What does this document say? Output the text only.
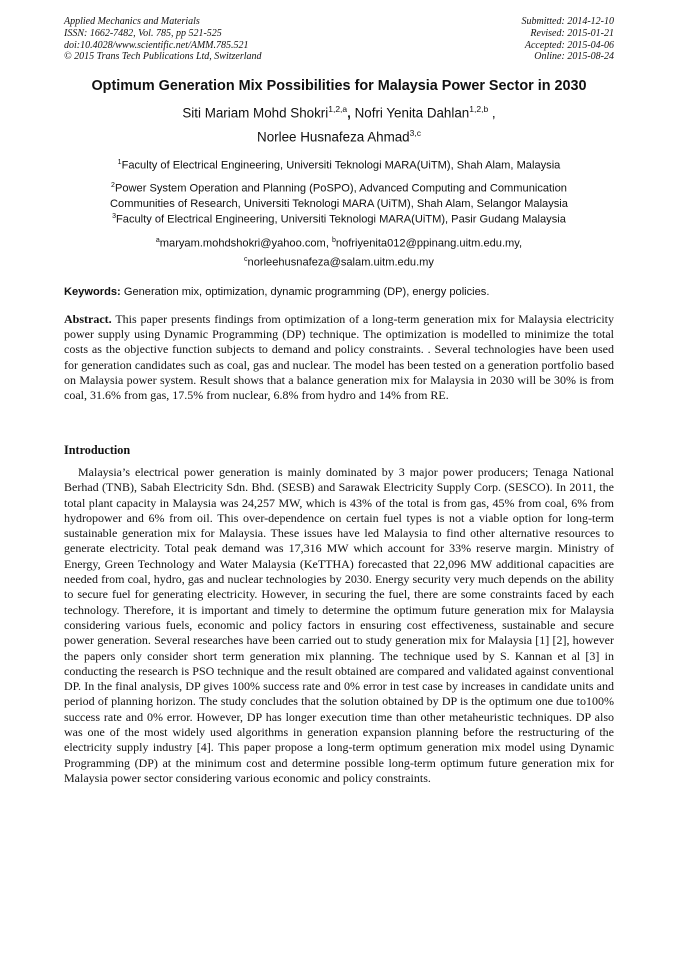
Applied Mechanics and Materials
ISSN: 1662-7482, Vol. 785, pp 521-525
doi:10.4028/www.scientific.net/AMM.785.521
© 2015 Trans Tech Publications Ltd, Switzerland
Submitted: 2014-12-10
Revised: 2015-01-21
Accepted: 2015-04-06
Online: 2015-08-24
Optimum Generation Mix Possibilities for Malaysia Power Sector in 2030
Siti Mariam Mohd Shokri$^{1,2,a}$, Nofri Yenita Dahlan$^{1,2,b}$ ,
Norlee Husnafeza Ahmad$^{3,c}$
$^1$Faculty of Electrical Engineering, Universiti Teknologi MARA(UiTM), Shah Alam, Malaysia
$^2$Power System Operation and Planning (PoSPO), Advanced Computing and Communication
Communities of Research, Universiti Teknologi MARA (UiTM), Shah Alam, Selangor Malaysia
$^3$Faculty of Electrical Engineering, Universiti Teknologi MARA(UiTM), Pasir Gudang Malaysia
$^a$maryam.mohdshokri@yahoo.com, $^b$nofriyenita012@ppinang.uitm.edu.my,
$^c$norleehusnafeza@salam.uitm.edu.my
Keywords: Generation mix, optimization, dynamic programming (DP), energy policies.
Abstract. This paper presents findings from optimization of a long-term generation mix for Malaysia electricity power supply using Dynamic Programming (DP) technique. The optimization is modelled to minimize the total costs as the objective function subjects to demand and policy constraints. . Several technologies have been used for generation candidates such as coal, gas and nuclear. The model has been tested on a generation portfolio based on Malaysia power system. Result shows that a balance generation mix for Malaysia in 2030 will be 30% is from coal, 31.6% from gas, 17.5% from nuclear, 6.8% from hydro and 14% from RE.
Introduction

Malaysia’s electrical power generation is mainly dominated by 3 major power producers; Tenaga National Berhad (TNB), Sabah Electricity Sdn. Bhd. (SESB) and Sarawak Electricity Supply Corp. (SESCO). In 2011, the total plant capacity in Malaysia was 24,257 MW, which is 43% of the total is from gas, 45% from coal, 6% from hydropower and 6% from oil. This over-dependence on certain fuel types is not a viable option for long-term sustainable generation mix for Malaysia. These issues have led Malaysia to find other alternative resources to generate electricity. Total peak demand was 17,316 MW which account for 33% reserve margin. Ministry of Energy, Green Technology and Water Malaysia (KeTTHA) forecasted that 22,096 MW additional capacities are needed from coal, hydro, gas and nuclear technologies by 2030. Energy security very much depends on the ability to secure fuel for generating electricity. However, in securing the fuel, there are some constraints faced by each technology. Therefore, it is important and timely to determine the optimum future generation mix for Malaysia considering various fuels, economic and policy factors in ensuring cost effectiveness, sustainable and secure power generation. Several researches have been carried out to study generation mix for Malaysia [1] [2], however the papers only consider short term generation mix planning. The technique used by S. Kannan et al [3] in conducting the research is PSO technique and the result obtained are compared and validated against conventional DP. In the final analysis, DP gives 100% success rate and 0% error in test case by increases in candidate units and period of planning horizon. The study concludes that the solution obtained by DP is the optimum one due to100% success rate and 0% error. However, DP has longer execution time than other metaheuristic techniques. DP also was one of the most widely used algorithms in generation expansion planning before the restructuring of the electricity supply industry [4]. This paper propose a long-term optimum generation mix model using Dynamic Programming (DP) at the minimum cost and determine possible long-term optimum future generation mix for Malaysia power sector considering various economic and policy constraints.
